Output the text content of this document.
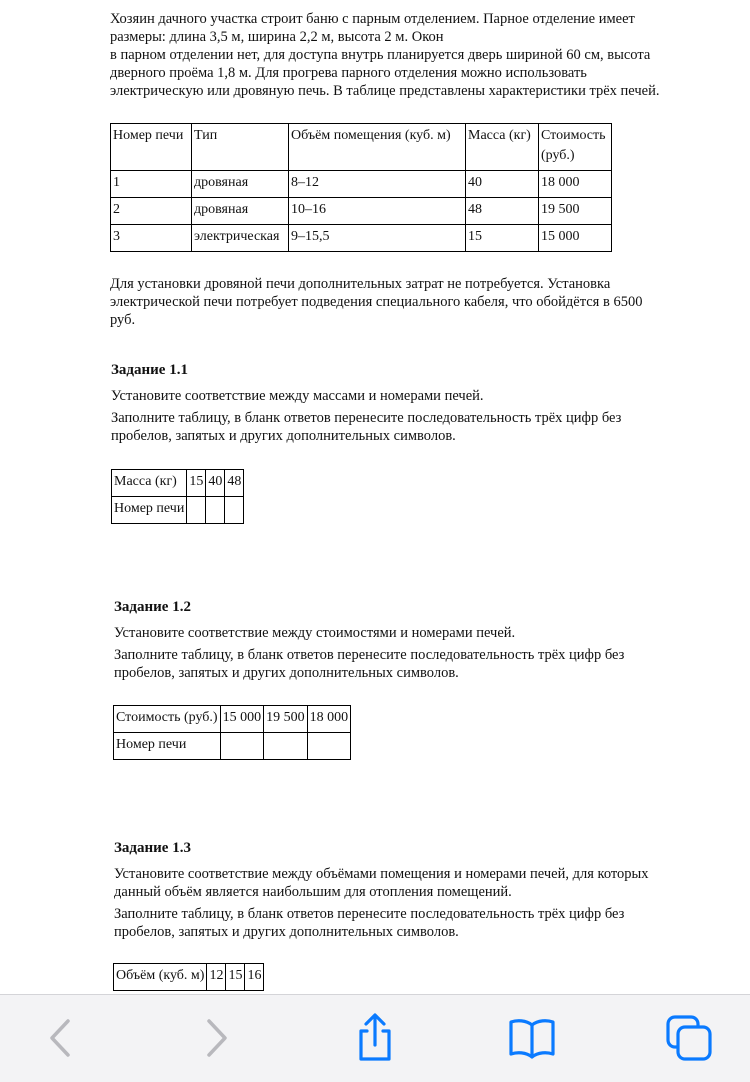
Хозяин дачного участка строит баню с парным отделением. Парное отделение имеет

размеры: длина 3,5 м, ширина 2,2 м, высота 2 м. Окон

в парном отделении нет, для доступа внутрь планируется дверь шириной 60 см, высота

дверного проёма 1,8 м. Для прогрева парного отделения можно использовать

электрическую или дровяную печь. В таблице представлены характеристики трёх печей.

Номер печи	Тип	Объём помещения (куб. м)	Масса (кг)	Стоимость (руб.)
1	дровяная	8–12	40	18 000
2	дровяная	10–16	48	19 500
3	электрическая	9–15,5	15	15 000

Для установки дровяной печи дополнительных затрат не потребуется. Установка

электрической печи потребует подведения специального кабеля, что обойдётся в 6500

руб.

Задание 1.1

Установите соответствие между массами и номерами печей.

Заполните таблицу, в бланк ответов перенесите последовательность трёх цифр без

пробелов, запятых и других дополнительных символов.

Масса (кг)	15	40	48
Номер печи			

Задание 1.2

Установите соответствие между стоимостями и номерами печей.

Заполните таблицу, в бланк ответов перенесите последовательность трёх цифр без

пробелов, запятых и других дополнительных символов.

Стоимость (руб.)	15 000	19 500	18 000
Номер печи			

Задание 1.3

Установите соответствие между объёмами помещения и номерами печей, для которых

данный объём является наибольшим для отопления помещений.

Заполните таблицу, в бланк ответов перенесите последовательность трёх цифр без

пробелов, запятых и других дополнительных символов.

Объём (куб. м)	12	15	16
